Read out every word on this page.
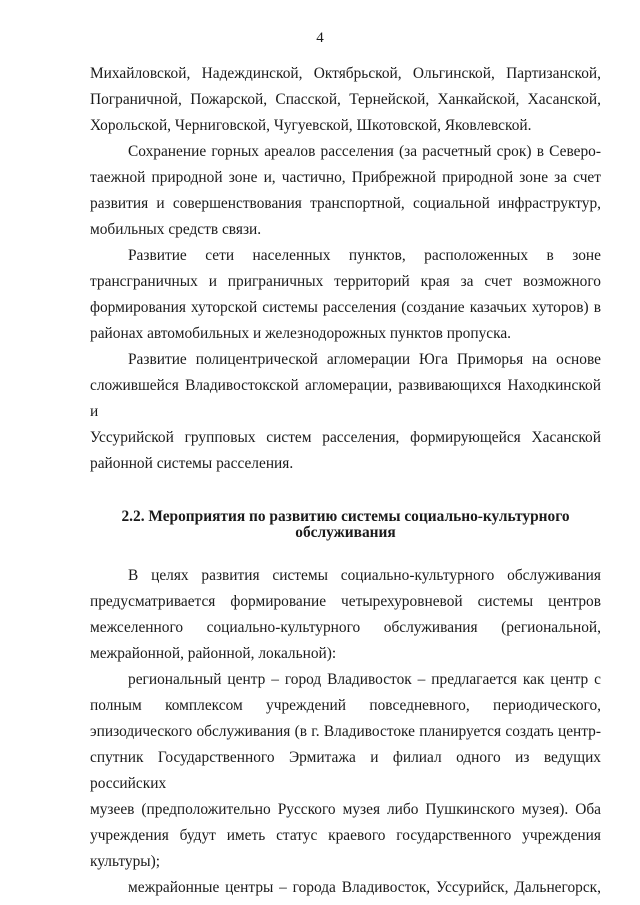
4

Михайловской, Надеждинской, Октябрьской, Ольгинской, Партизанской,
Пограничной, Пожарской, Спасской, Тернейской, Ханкайской, Хасанской,
Хорольской, Черниговской, Чугуевской, Шкотовской, Яковлевской.

Сохранение горных ареалов расселения (за расчетный срок) в Северо-
таежной природной зоне и, частично, Прибрежной природной зоне за счет
развития и совершенствования транспортной, социальной инфраструктур,
мобильных средств связи.

Развитие сети населенных пунктов, расположенных в зоне
трансграничных и приграничных территорий края за счет возможного
формирования хуторской системы расселения (создание казачьих хуторов) в
районах автомобильных и железнодорожных пунктов пропуска.

Развитие полицентрической агломерации Юга Приморья на основе
сложившейся Владивостокской агломерации, развивающихся Находкинской и
Уссурийской групповых систем расселения, формирующейся Хасанской
районной системы расселения.

2.2. Мероприятия по развитию системы социально-культурного
обслуживания

В целях развития системы социально-культурного обслуживания
предусматривается формирование четырехуровневой системы центров
межселенного социально-культурного обслуживания (региональной,
межрайонной, районной, локальной):

региональный центр – город Владивосток – предлагается как центр с
полным комплексом учреждений повседневного, периодического,
эпизодического обслуживания (в г. Владивостоке планируется создать центр-
спутник Государственного Эрмитажа и филиал одного из ведущих российских
музеев (предположительно Русского музея либо Пушкинского музея). Оба
учреждения будут иметь статус краевого государственного учреждения
культуры);

межрайонные центры – города Владивосток, Уссурийск, Дальнегорск,
